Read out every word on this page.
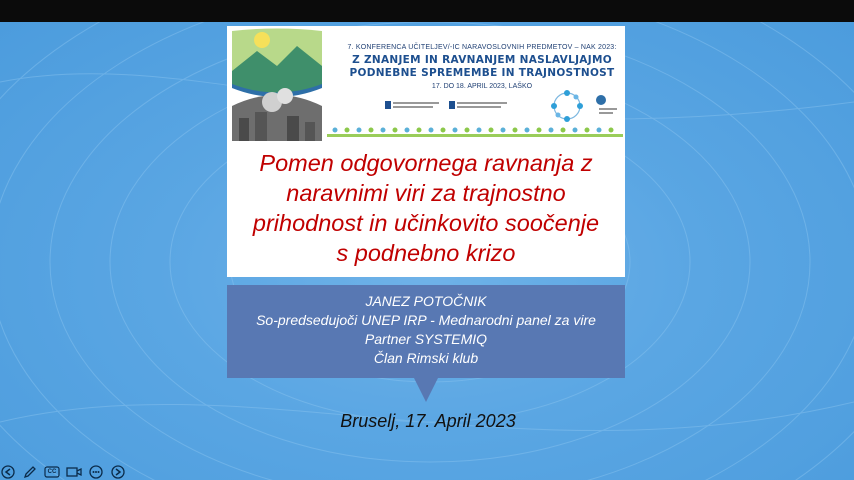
7. KONFERENCA UČITELJEV/-IC NARAVOSLOVNIH PREDMETOV – NAK 2023:
Z ZNANJEM IN RAVNANJEM NASLAVLJAJMO
PODNEBNE SPREMEMBE IN TRAJNOSTNOST
17. DO 18. APRIL 2023, LAŠKO
Pomen odgovornega ravnanja z
naravnimi viri za trajnostno
prihodnost in učinkovito soočenje
s podnebno krizo
JANEZ POTOČNIK
So-predsedujoči UNEP IRP - Mednarodni panel za vire
Partner SYSTEMIQ
Član Rimski klub
Bruselj, 17. April 2023
CC
